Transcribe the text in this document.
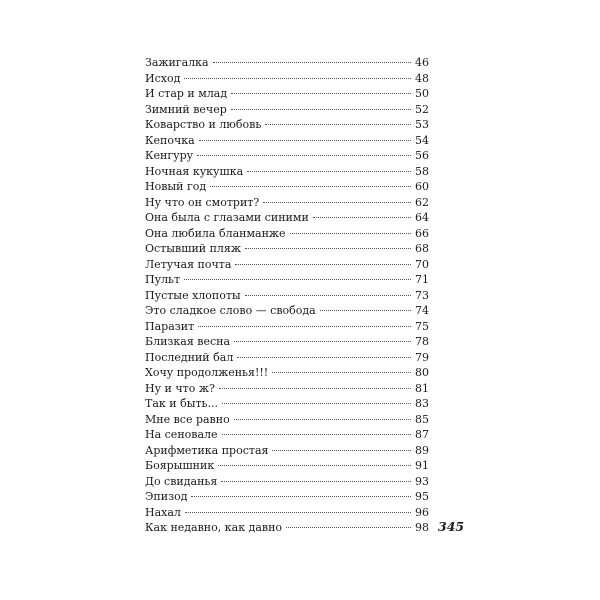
Зажигалка	46
Исход	48
И стар и млад	50
Зимний вечер	52
Коварство и любовь	53
Кепочка	54
Кенгуру	56
Ночная кукушка	58
Новый год	60
Ну что он смотрит?	62
Она была с глазами синими	64
Она любила бланманже	66
Остывший пляж	68
Летучая почта	70
Пульт	71
Пустые хлопоты	73
Это сладкое слово — свобода	74
Паразит	75
Близкая весна	78
Последний бал	79
Хочу продолженья!!!	80
Ну и что ж?	81
Так и быть...	83
Мне все равно	85
На сеновале	87
Арифметика простая	89
Боярышник	91
До свиданья	93
Эпизод	95
Нахал	96
Как недавно, как давно	98 345
